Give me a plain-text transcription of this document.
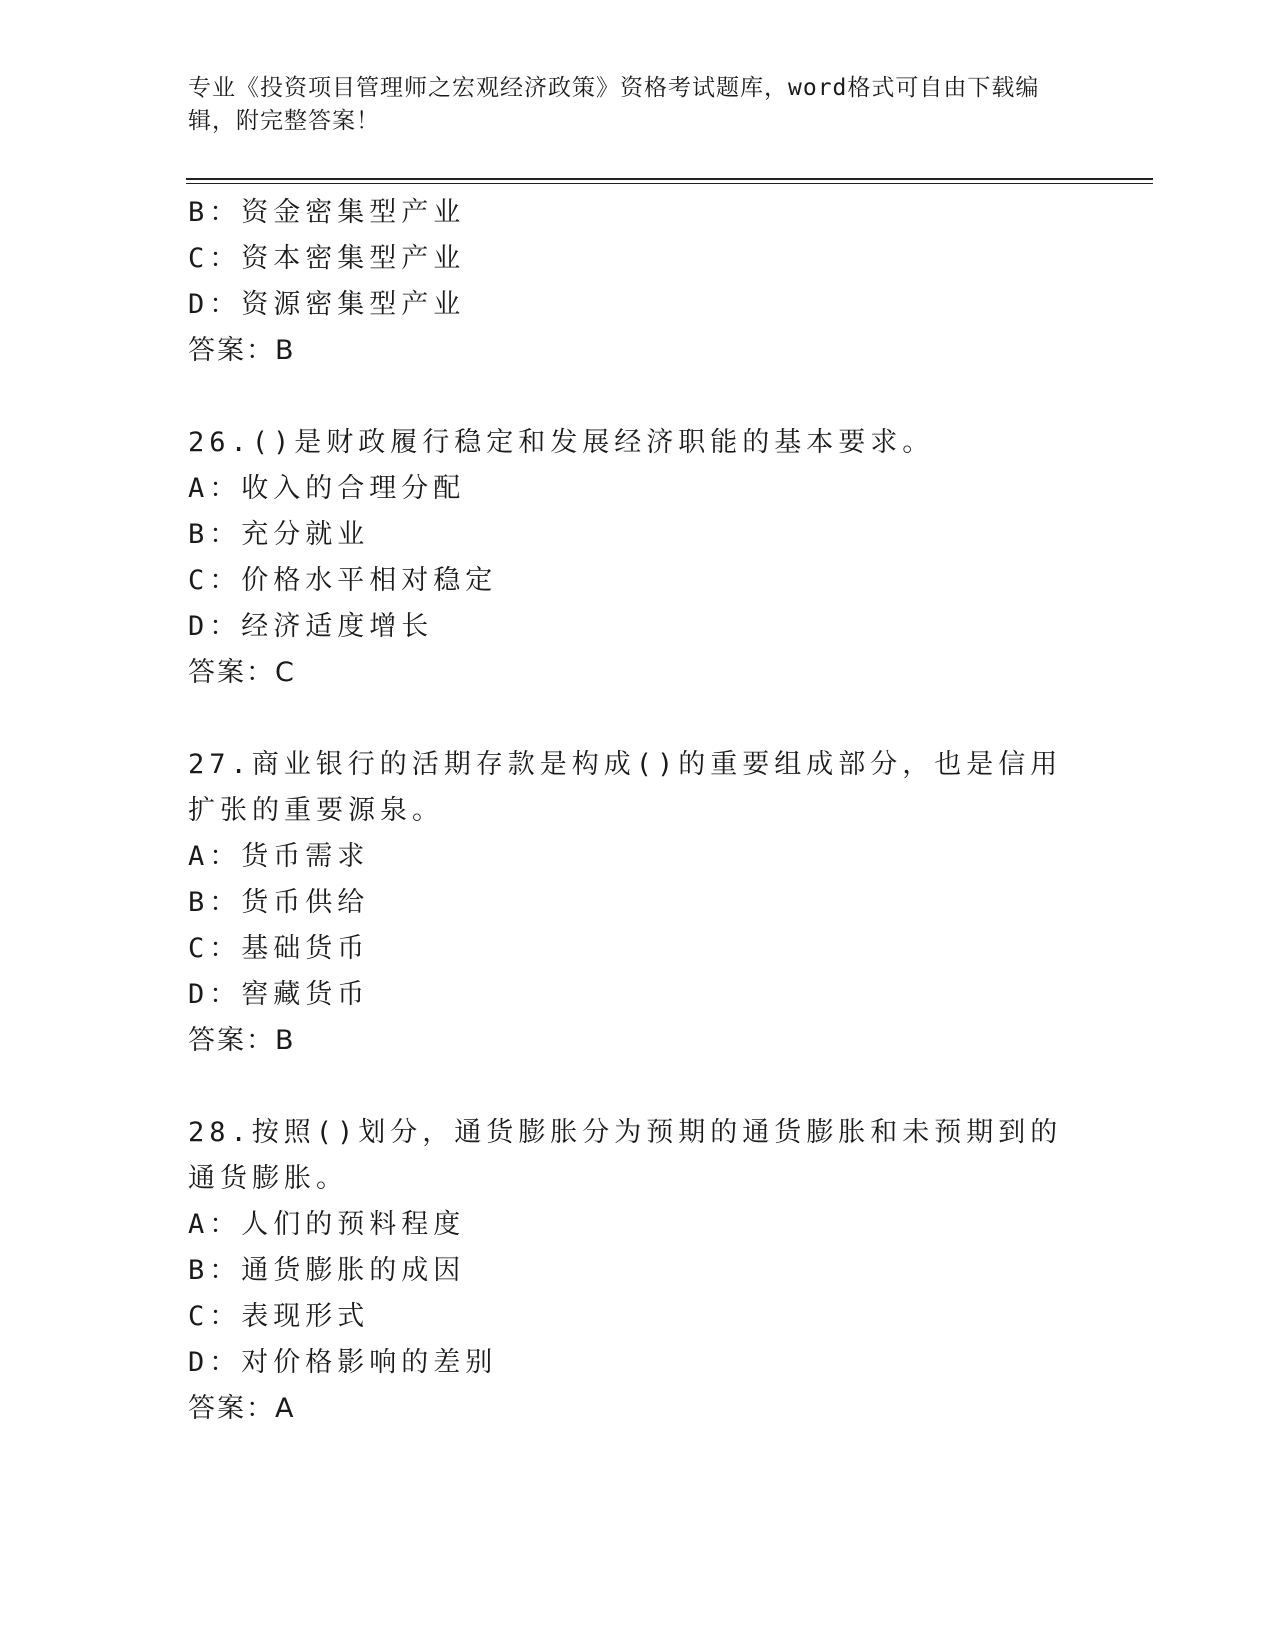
专业《投资项目管理师之宏观经济政策》资格考试题库，word格式可自由下载编辑，附完整答案！
B：资金密集型产业
C：资本密集型产业
D：资源密集型产业
答案：B
26.()是财政履行稳定和发展经济职能的基本要求。
A：收入的合理分配
B：充分就业
C：价格水平相对稳定
D：经济适度增长
答案：C
27.商业银行的活期存款是构成()的重要组成部分，也是信用扩张的重要源泉。
A：货币需求
B：货币供给
C：基础货币
D：窖藏货币
答案：B
28.按照()划分，通货膨胀分为预期的通货膨胀和未预期到的通货膨胀。
A：人们的预料程度
B：通货膨胀的成因
C：表现形式
D：对价格影响的差别
答案：A
